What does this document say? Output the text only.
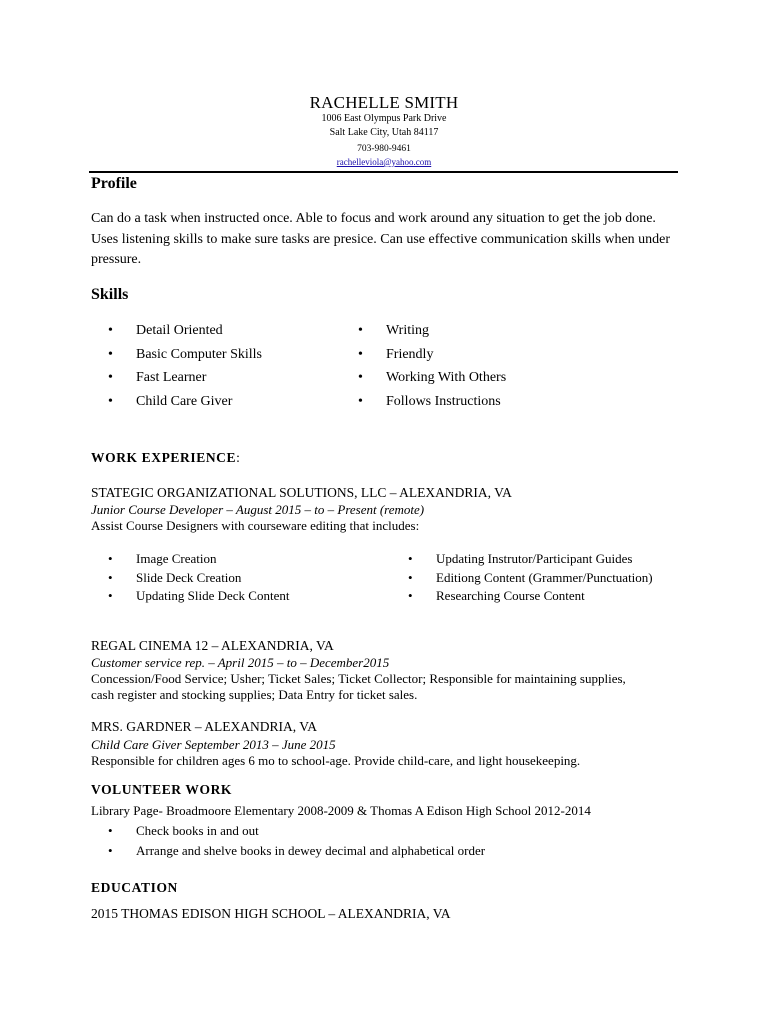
RACHELLE SMITH
1006 East Olympus Park Drive
Salt Lake City, Utah 84117
703-980-9461
rachelleviola@yahoo.com
Profile
Can do a task when instructed once. Able to focus and work around any situation to get the job done. Uses listening skills to make sure tasks are presice. Can use effective communication skills when under pressure.
Skills
•	Detail Oriented
•	Basic Computer Skills
•	Fast Learner
•	Child Care Giver
•	Writing
•	Friendly
•	Working With Others
•	Follows Instructions
WORK EXPERIENCE:
STATEGIC ORGANIZATIONAL SOLUTIONS, LLC – ALEXANDRIA, VA
Junior Course Developer – August 2015 – to – Present (remote)
Assist Course Designers with courseware editing that includes:
•	Image Creation
•	Slide Deck Creation
•	Updating Slide Deck Content
•	Updating Instrutor/Participant Guides
•	Editiong Content (Grammer/Punctuation)
•	Researching Course Content
REGAL CINEMA 12 – ALEXANDRIA, VA
Customer service rep. – April 2015 – to – December2015
Concession/Food Service; Usher; Ticket Sales; Ticket Collector; Responsible for maintaining supplies,
cash register and stocking supplies; Data Entry for ticket sales.
MRS. GARDNER – ALEXANDRIA, VA
Child Care Giver September 2013 – June 2015
Responsible for children ages 6 mo to school-age. Provide child-care, and light housekeeping.
VOLUNTEER WORK
Library Page- Broadmoore Elementary 2008-2009 & Thomas A Edison High School 2012-2014
•	Check books in and out
•	Arrange and shelve books in dewey decimal and alphabetical order
EDUCATION
2015 THOMAS EDISON HIGH SCHOOL – ALEXANDRIA, VA
